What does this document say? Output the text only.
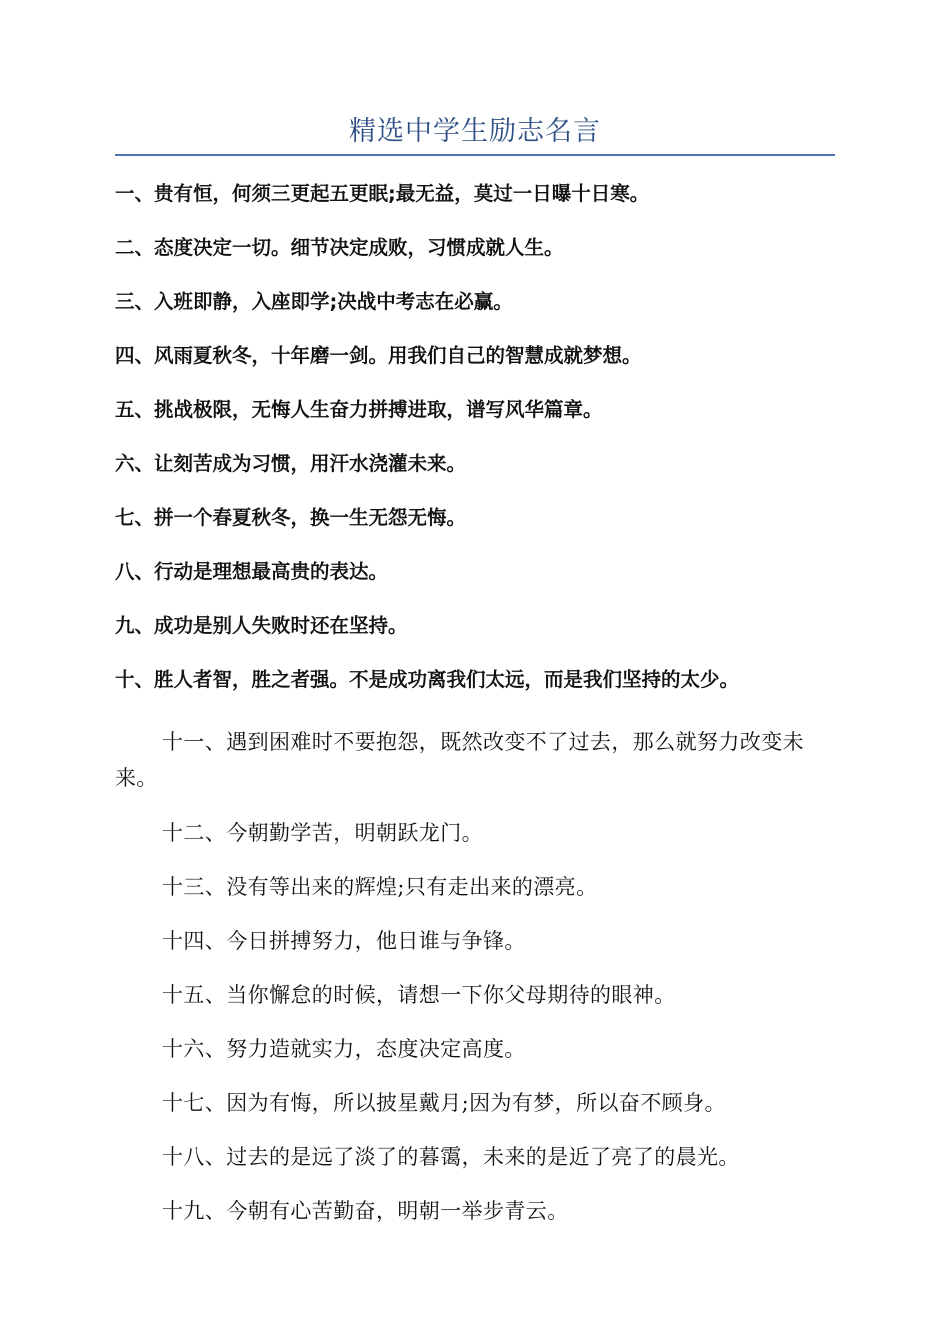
精选中学生励志名言
一、贵有恒，何须三更起五更眠;最无益，莫过一日曝十日寒。
二、态度决定一切。细节决定成败，习惯成就人生。
三、入班即静，入座即学;决战中考志在必赢。
四、风雨夏秋冬，十年磨一剑。用我们自己的智慧成就梦想。
五、挑战极限，无悔人生奋力拼搏进取，谱写风华篇章。
六、让刻苦成为习惯，用汗水浇灌未来。
七、拼一个春夏秋冬，换一生无怨无悔。
八、行动是理想最高贵的表达。
九、成功是别人失败时还在坚持。
十、胜人者智，胜之者强。不是成功离我们太远，而是我们坚持的太少。
十一、遇到困难时不要抱怨，既然改变不了过去，那么就努力改变未来。
十二、今朝勤学苦，明朝跃龙门。
十三、没有等出来的辉煌;只有走出来的漂亮。
十四、今日拼搏努力，他日谁与争锋。
十五、当你懈怠的时候，请想一下你父母期待的眼神。
十六、努力造就实力，态度决定高度。
十七、因为有悔，所以披星戴月;因为有梦，所以奋不顾身。
十八、过去的是远了淡了的暮霭，未来的是近了亮了的晨光。
十九、今朝有心苦勤奋，明朝一举步青云。
